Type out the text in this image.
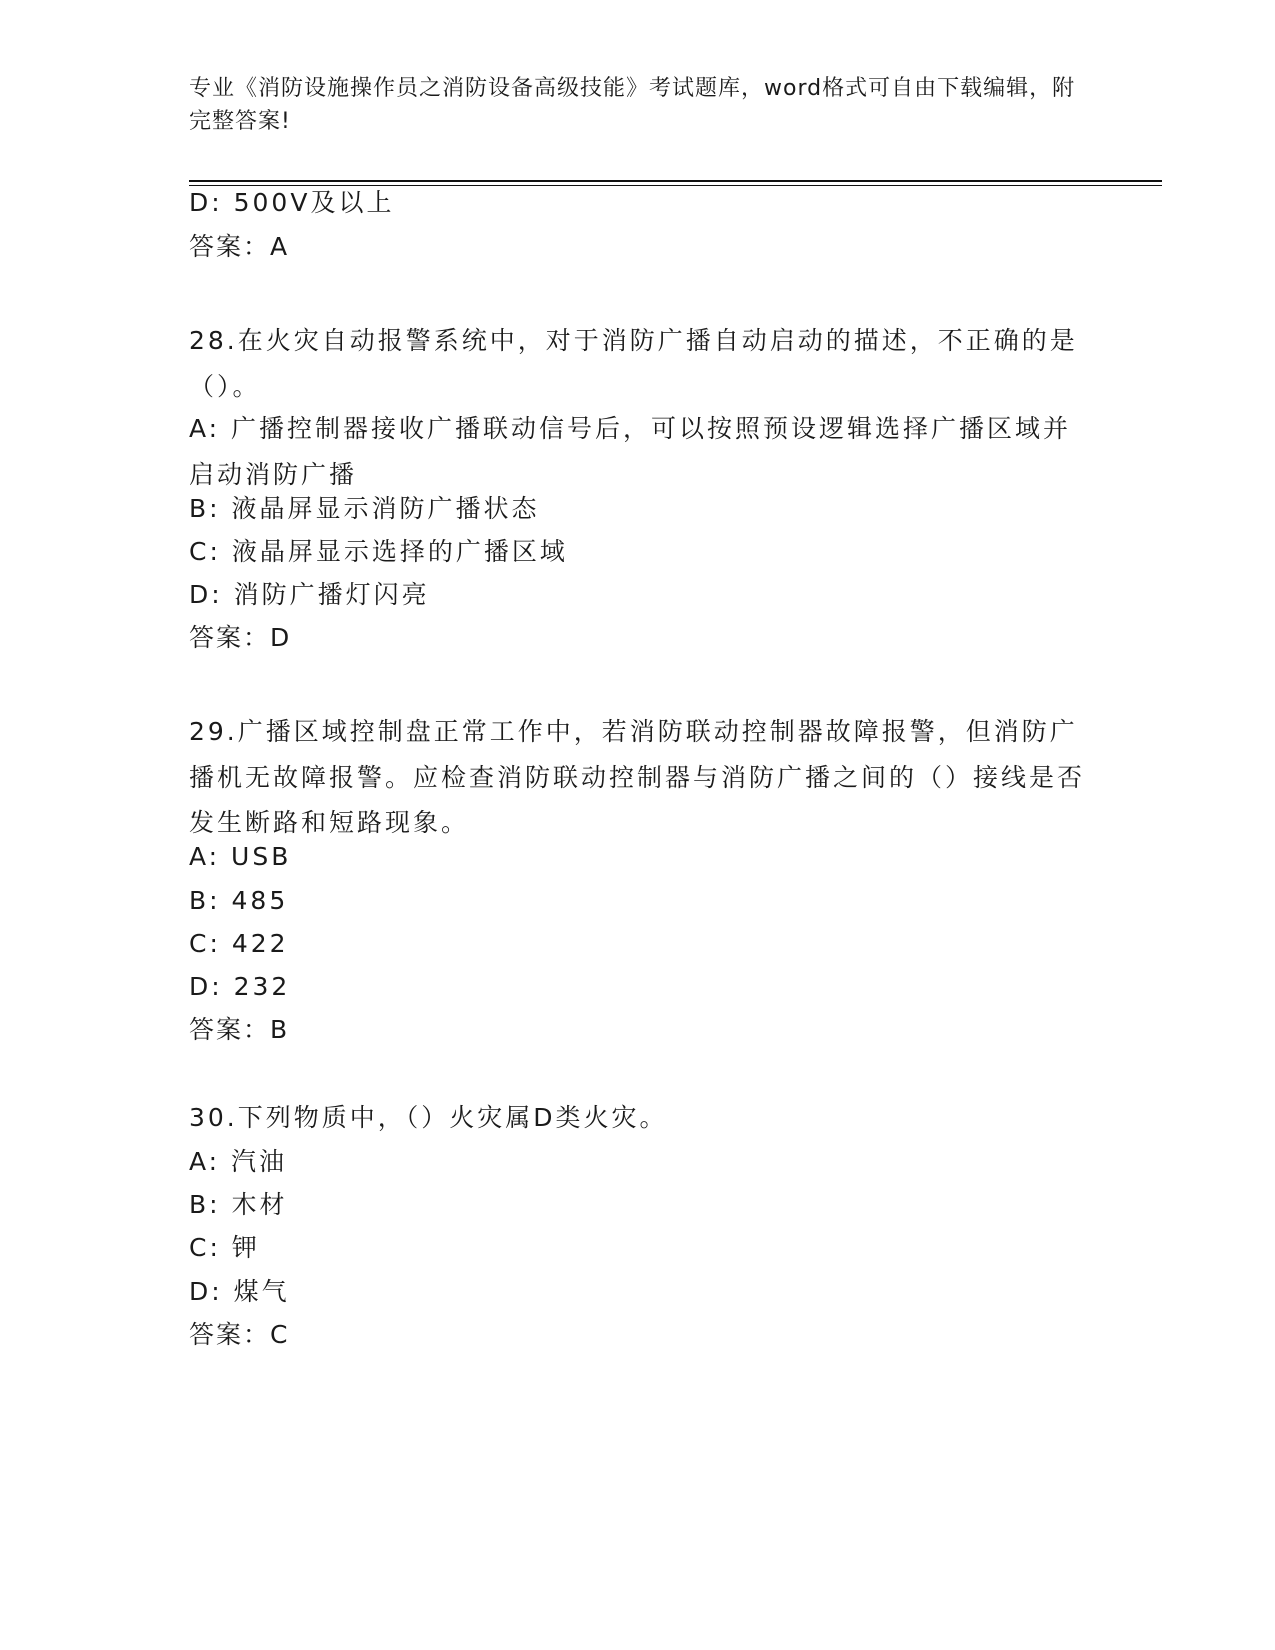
专业《消防设施操作员之消防设备高级技能》考试题库，word格式可自由下载编辑，附完整答案!
D: 500V及以上
答案：A
28.在火灾自动报警系统中，对于消防广播自动启动的描述，不正确的是（）。
A: 广播控制器接收广播联动信号后，可以按照预设逻辑选择广播区域并启动消防广播
B: 液晶屏显示消防广播状态
C: 液晶屏显示选择的广播区域
D: 消防广播灯闪亮
答案：D
29.广播区域控制盘正常工作中，若消防联动控制器故障报警，但消防广播机无故障报警。应检查消防联动控制器与消防广播之间的（）接线是否发生断路和短路现象。
A: USB
B: 485
C: 422
D: 232
答案：B
30.下列物质中，（）火灾属D类火灾。
A: 汽油
B: 木材
C: 钾
D: 煤气
答案：C
